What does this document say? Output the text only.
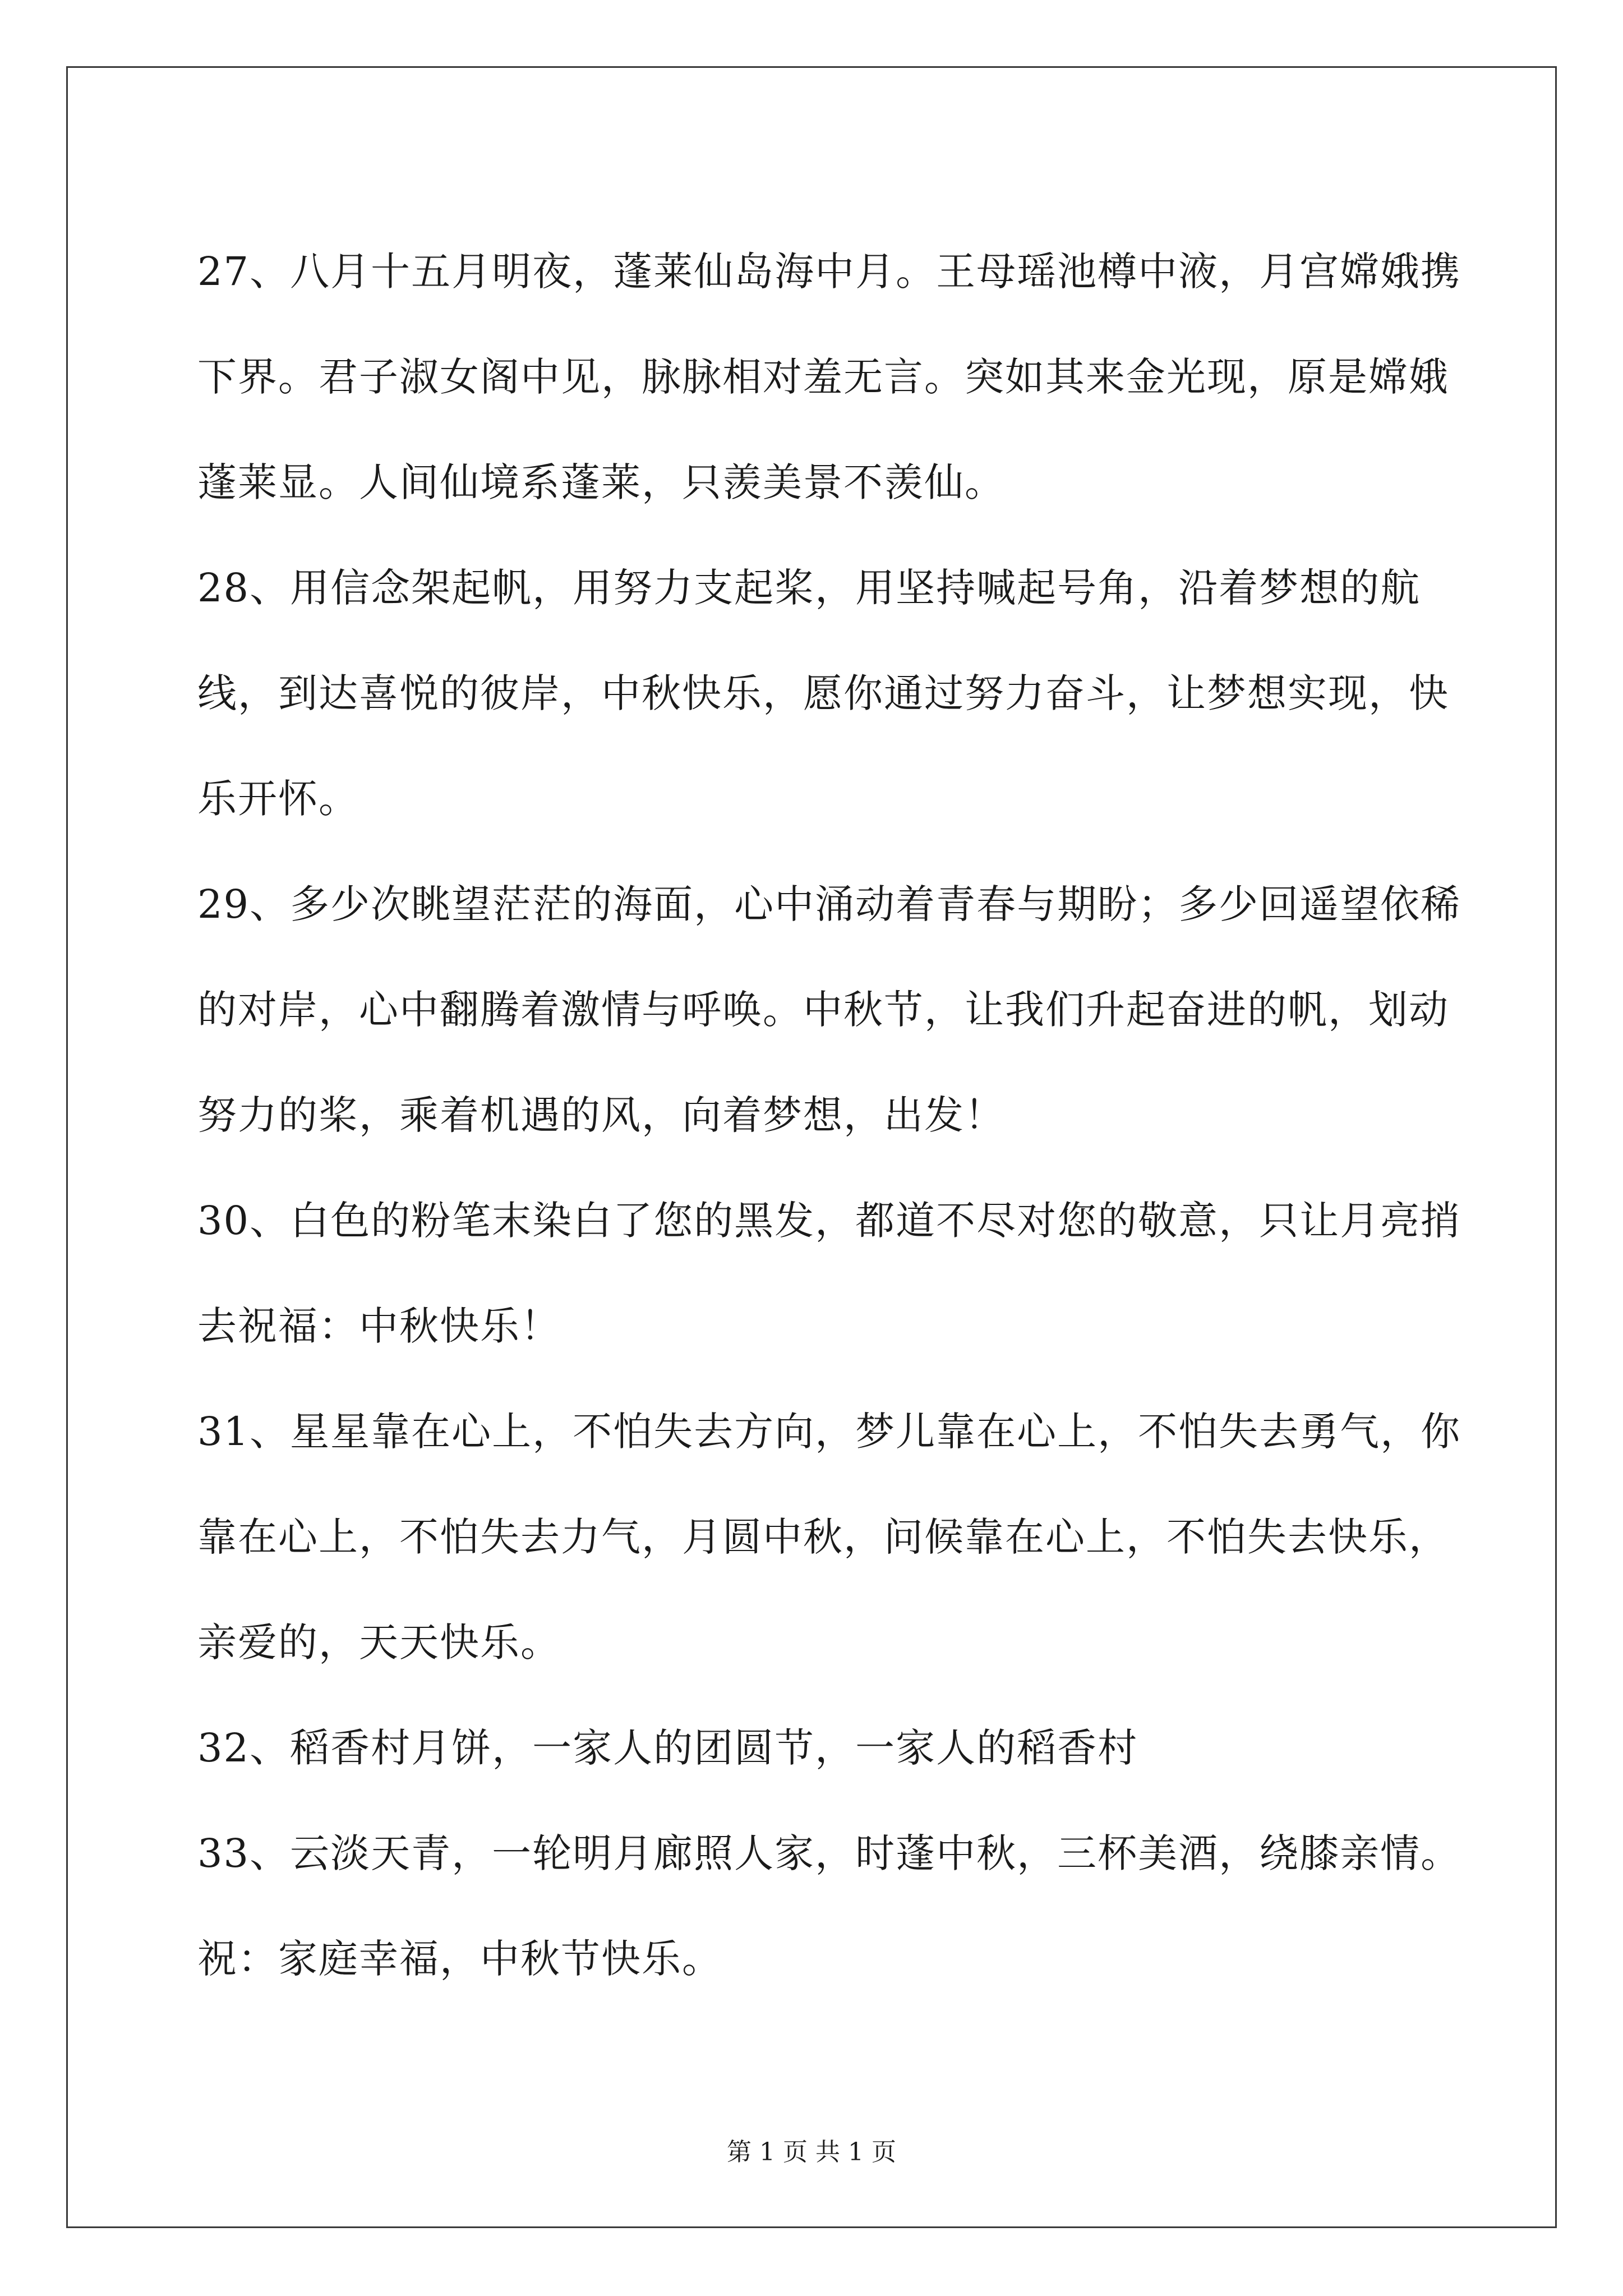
27、八月十五月明夜，蓬莱仙岛海中月。王母瑶池樽中液，月宫嫦娥携下界。君子淑女阁中见，脉脉相对羞无言。突如其来金光现，原是嫦娥蓬莱显。人间仙境系蓬莱，只羡美景不羡仙。

28、用信念架起帆，用努力支起桨，用坚持喊起号角，沿着梦想的航线，到达喜悦的彼岸，中秋快乐，愿你通过努力奋斗，让梦想实现，快乐开怀。

29、多少次眺望茫茫的海面，心中涌动着青春与期盼；多少回遥望依稀的对岸，心中翻腾着激情与呼唤。中秋节，让我们升起奋进的帆，划动努力的桨，乘着机遇的风，向着梦想，出发！

30、白色的粉笔末染白了您的黑发，都道不尽对您的敬意，只让月亮捎去祝福：中秋快乐！

31、星星靠在心上，不怕失去方向，梦儿靠在心上，不怕失去勇气，你靠在心上，不怕失去力气，月圆中秋，问候靠在心上，不怕失去快乐，亲爱的，天天快乐。

32、稻香村月饼，一家人的团圆节，一家人的稻香村

33、云淡天青，一轮明月廊照人家，时蓬中秋，三杯美酒，绕膝亲情。祝：家庭幸福，中秋节快乐。

第 1 页 共 1 页
